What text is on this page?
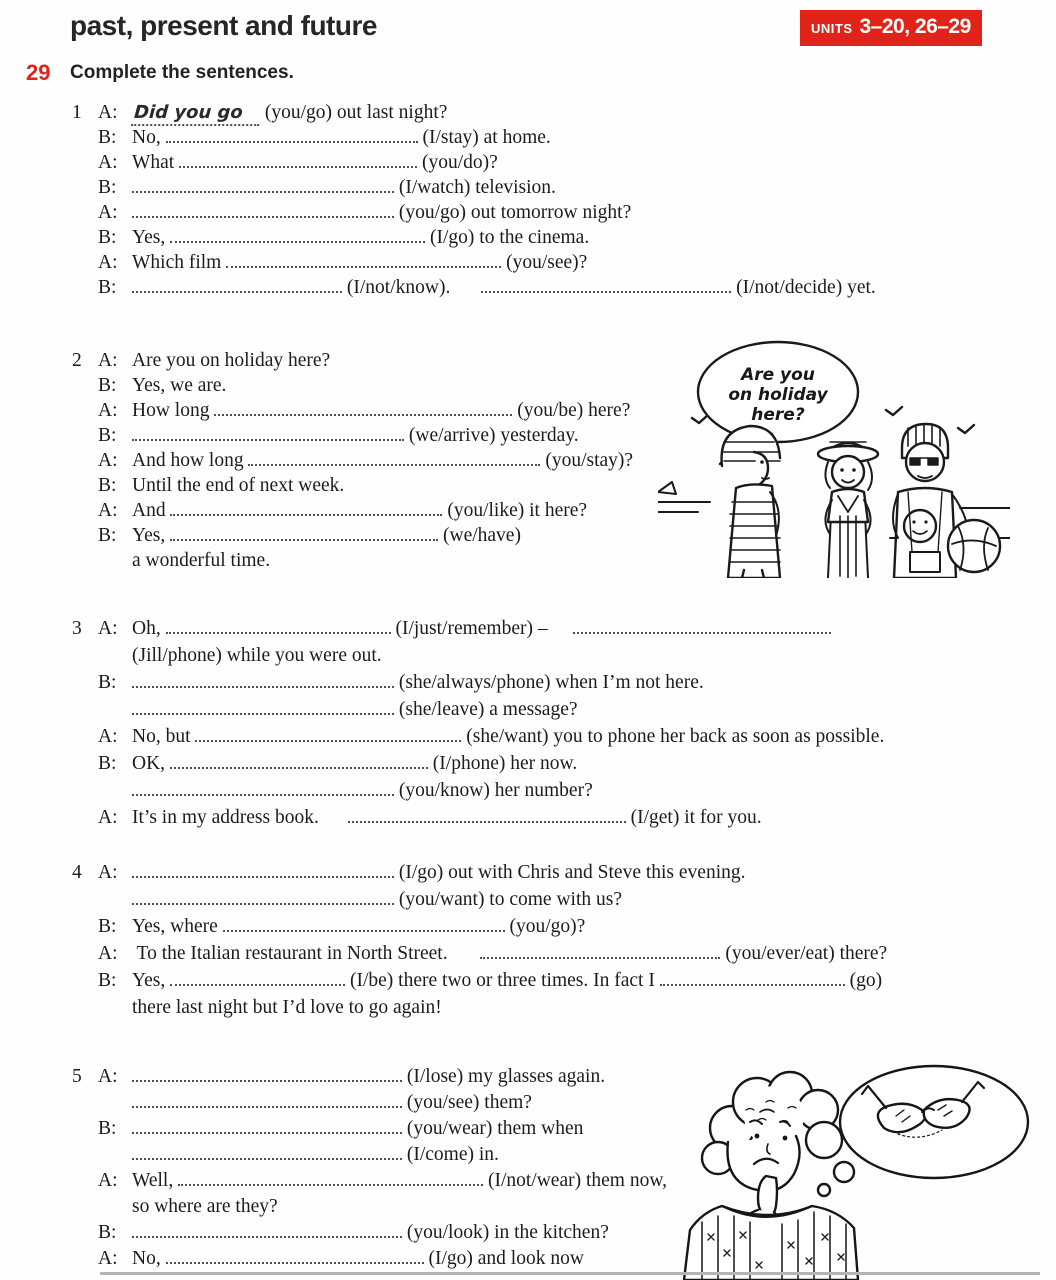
past, present and future	UNITS 3–20, 26–29
29 Complete the sentences.
1 A: Did you go (you/go) out last night?
B: No,	(I/stay) at home.
A: What	(you/do)?
B:	(I/watch) television.
A:	(you/go) out tomorrow night?
B: Yes,	(I/go) to the cinema.
A: Which film	(you/see)?
B:	(I/not/know).	(I/not/decide) yet.
2 A: Are you on holiday here?
B: Yes, we are.
A: How long	(you/be) here?
B:	(we/arrive) yesterday.
A: And how long	(you/stay)?
B: Until the end of next week.
A: And	(you/like) it here?
B: Yes,	(we/have)
a wonderful time.
3 A: Oh,	(I/just/remember) –
(Jill/phone) while you were out.
B:	(she/always/phone) when I’m not here.
(she/leave) a message?
A: No, but	(she/want) you to phone her back as soon as possible.
B: OK,	(I/phone) her now.
(you/know) her number?
A: It’s in my address book.	(I/get) it for you.
4 A:	(I/go) out with Chris and Steve this evening.
(you/want) to come with us?
B: Yes, where	(you/go)?
A: To the Italian restaurant in North Street.	(you/ever/eat) there?
B: Yes,	(I/be) there two or three times. In fact I	(go)
there last night but I’d love to go again!
5 A:	(I/lose) my glasses again.
(you/see) them?
B:	(you/wear) them when
(I/come) in.
A: Well,	(I/not/wear) them now,
so where are they?
B:	(you/look) in the kitchen?
A: No,	(I/go) and look now
Are you
on holiday
here?
